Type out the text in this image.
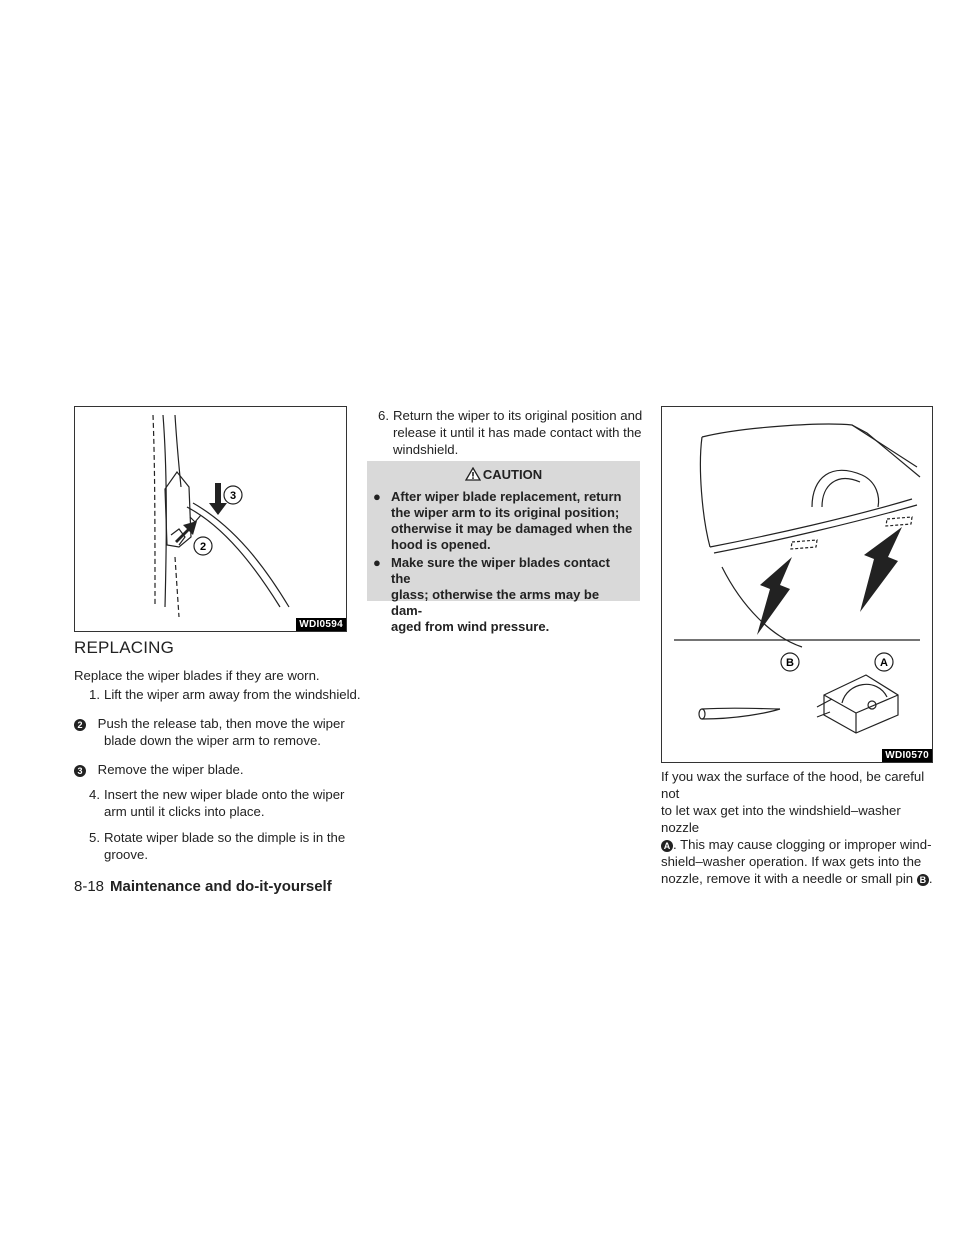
3
2
WDI0594
REPLACING
Replace the wiper blades if they are worn.
1. Lift the wiper arm away from the windshield.
2 Push the release tab, then move the wiper
blade down the wiper arm to remove.
3 Remove the wiper blade.
4. Insert the new wiper blade onto the wiper
arm until it clicks into place.
5. Rotate wiper blade so the dimple is in the
groove.
6. Return the wiper to its original position and
release it until it has made contact with the
windshield.
CAUTION
● After wiper blade replacement, return
the wiper arm to its original position;
otherwise it may be damaged when the
hood is opened.
● Make sure the wiper blades contact the
glass; otherwise the arms may be dam-
aged from wind pressure.
B	A
WDI0570
If you wax the surface of the hood, be careful not
to let wax get into the windshield–washer nozzle
A . This may cause clogging or improper wind-
shield–washer operation. If wax gets into the
nozzle, remove it with a needle or small pin B .
8-18 Maintenance and do-it-yourself
